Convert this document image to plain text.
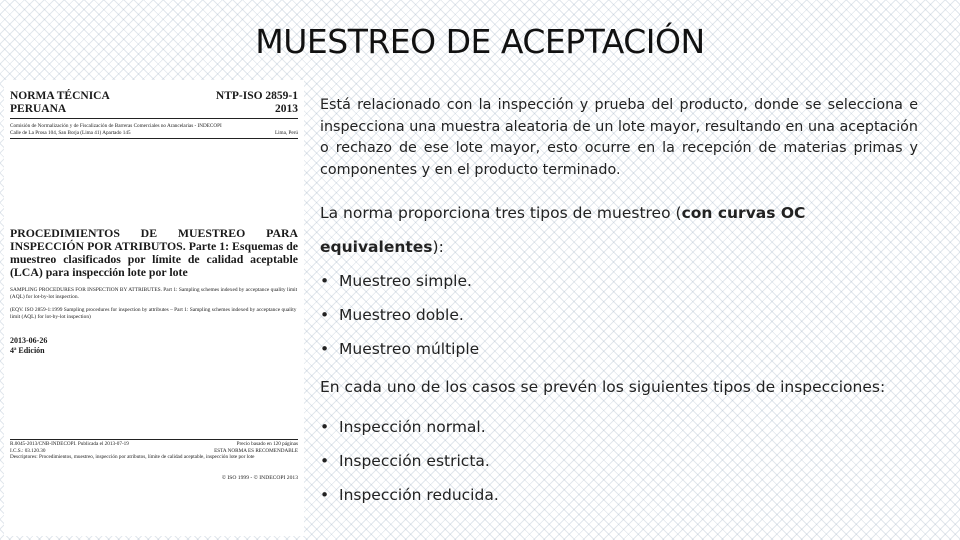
MUESTREO DE ACEPTACIÓN
NORMA TÉCNICA	NTP-ISO 2859-1
PERUANA	2013
Comisión de Normalización y de Fiscalización de Barreras Comerciales no Arancelarias - INDECOPI
Calle de La Prosa 104, San Borja (Lima 41) Apartado 145	Lima, Perú
PROCEDIMIENTOS DE MUESTREO PARA INSPECCIÓN POR ATRIBUTOS. Parte 1: Esquemas de muestreo clasificados por límite de calidad aceptable (LCA) para inspección lote por lote
SAMPLING PROCEDURES FOR INSPECTION BY ATTRIBUTES. Part 1: Sampling schemes indexed by acceptance quality limit (AQL) for lot-by-lot inspection.
(EQV. ISO 2859-1:1999 Sampling procedures for inspection by attributes – Part 1: Sampling schemes indexed by acceptance quality limit (AQL) for lot-by-lot inspection)
2013-06-26
4ª Edición
R.0045-2013/CNB-INDECOPI. Publicada el 2013-07-19	Precio basado en 120 páginas
I.C.S.: 03.120.30	ESTA NORMA ES RECOMENDABLE
Descriptores: Procedimientos, muestreo, inspección por atributos, límite de calidad aceptable, inspección lote por lote
© ISO 1999 - © INDECOPI 2013

Está relacionado con la inspección y prueba del producto, donde se selecciona e inspecciona una muestra aleatoria de un lote mayor, resultando en una aceptación o rechazo de ese lote mayor, esto ocurre en la recepción de materias primas y componentes y en el producto terminado.

La norma proporciona tres tipos de muestreo (con curvas OC equivalentes):

• Muestreo simple.
• Muestreo doble.
• Muestreo múltiple

En cada uno de los casos se prevén los siguientes tipos de inspecciones:

• Inspección normal.
• Inspección estricta.
• Inspección reducida.
